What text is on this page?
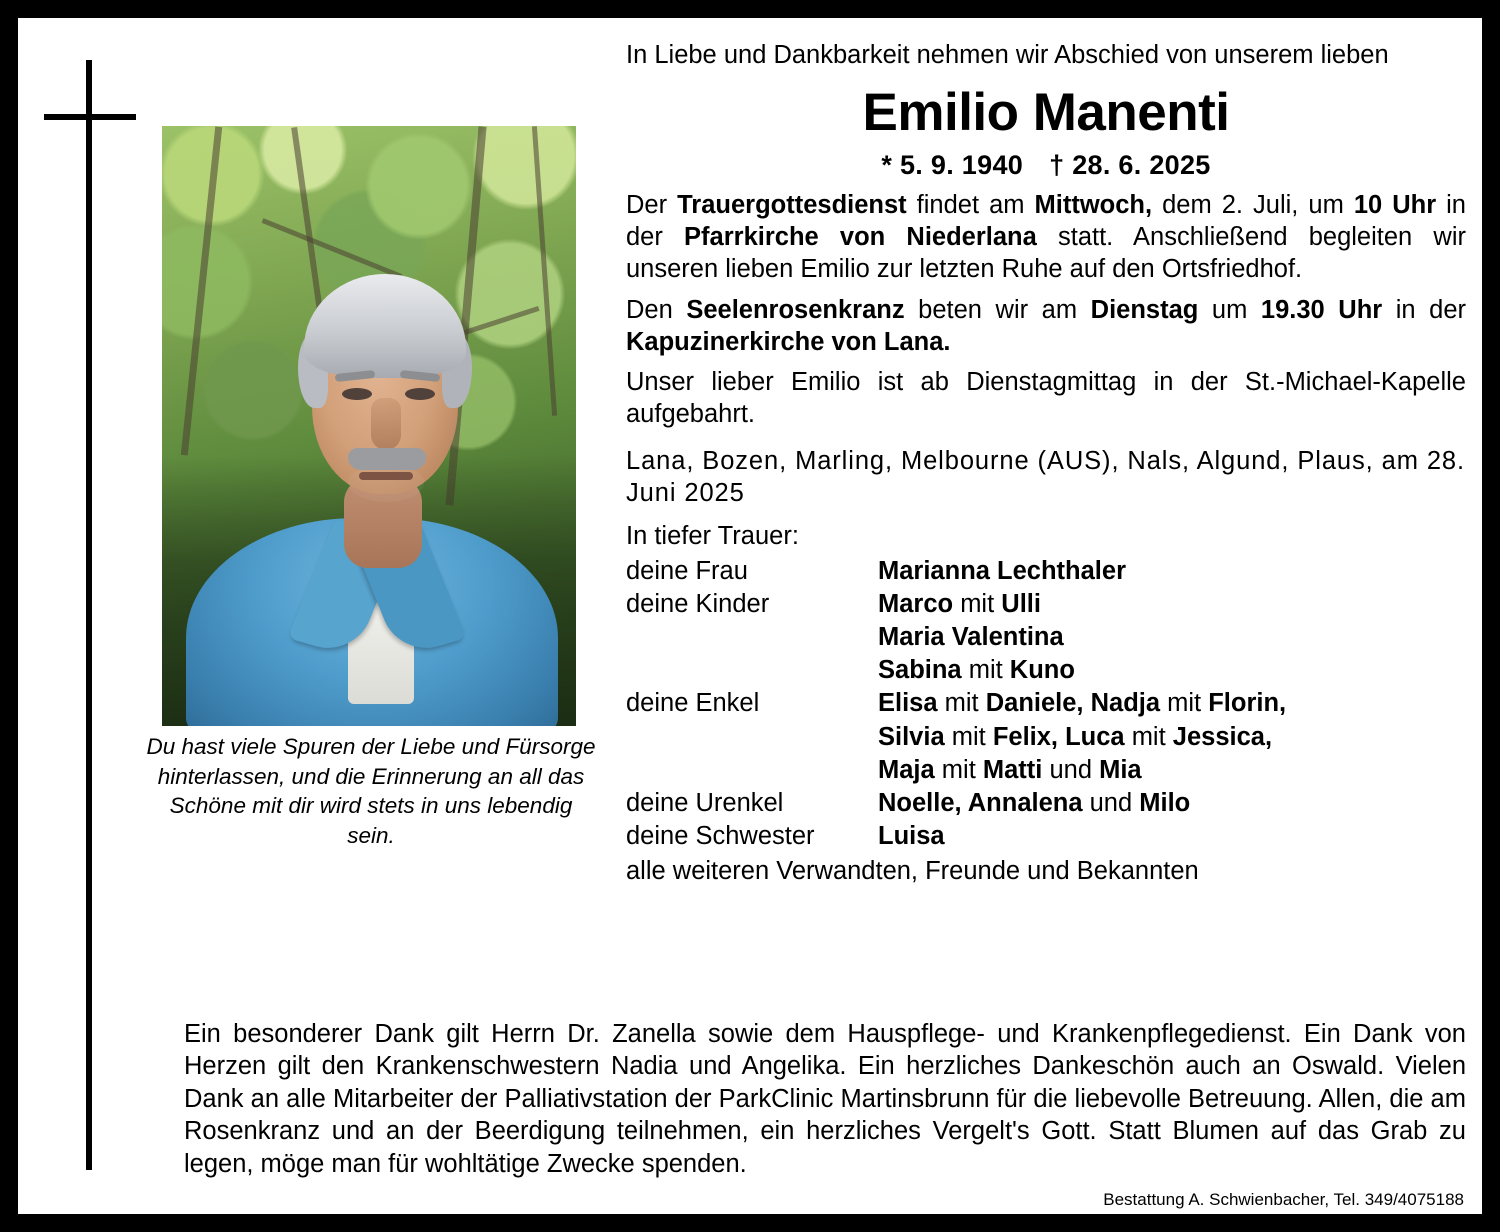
Du hast viele Spuren der Liebe und Fürsorge hinterlassen, und die Erinnerung an all das Schöne mit dir wird stets in uns lebendig sein.
In Liebe und Dankbarkeit nehmen wir Abschied von unserem lieben
Emilio Manenti
* 5. 9. 1940 † 28. 6. 2025
Der Trauergottesdienst findet am Mittwoch, dem 2. Juli, um 10 Uhr in der Pfarrkirche von Niederlana statt. Anschließend begleiten wir unseren lieben Emilio zur letzten Ruhe auf den Ortsfriedhof.
Den Seelenrosenkranz beten wir am Dienstag um 19.30 Uhr in der Kapuzinerkirche von Lana.
Unser lieber Emilio ist ab Dienstagmittag in der St.-Michael-Kapelle aufgebahrt.
Lana, Bozen, Marling, Melbourne (AUS), Nals, Algund, Plaus, am 28. Juni 2025
In tiefer Trauer:
deine Frau	Marianna Lechthaler
deine Kinder	Marco mit Ulli
Maria Valentina
Sabina mit Kuno
deine Enkel	Elisa mit Daniele, Nadja mit Florin,
Silvia mit Felix, Luca mit Jessica,
Maja mit Matti und Mia
deine Urenkel	Noelle, Annalena und Milo
deine Schwester	Luisa
alle weiteren Verwandten, Freunde und Bekannten
Ein besonderer Dank gilt Herrn Dr. Zanella sowie dem Hauspflege- und Krankenpflegedienst. Ein Dank von Herzen gilt den Krankenschwestern Nadia und Angelika. Ein herzliches Dankeschön auch an Oswald. Vielen Dank an alle Mitarbeiter der Palliativstation der ParkClinic Martinsbrunn für die liebevolle Betreuung. Allen, die am Rosenkranz und an der Beerdigung teilnehmen, ein herzliches Vergelt's Gott. Statt Blumen auf das Grab zu legen, möge man für wohltätige Zwecke spenden.
Bestattung A. Schwienbacher, Tel. 349/4075188
